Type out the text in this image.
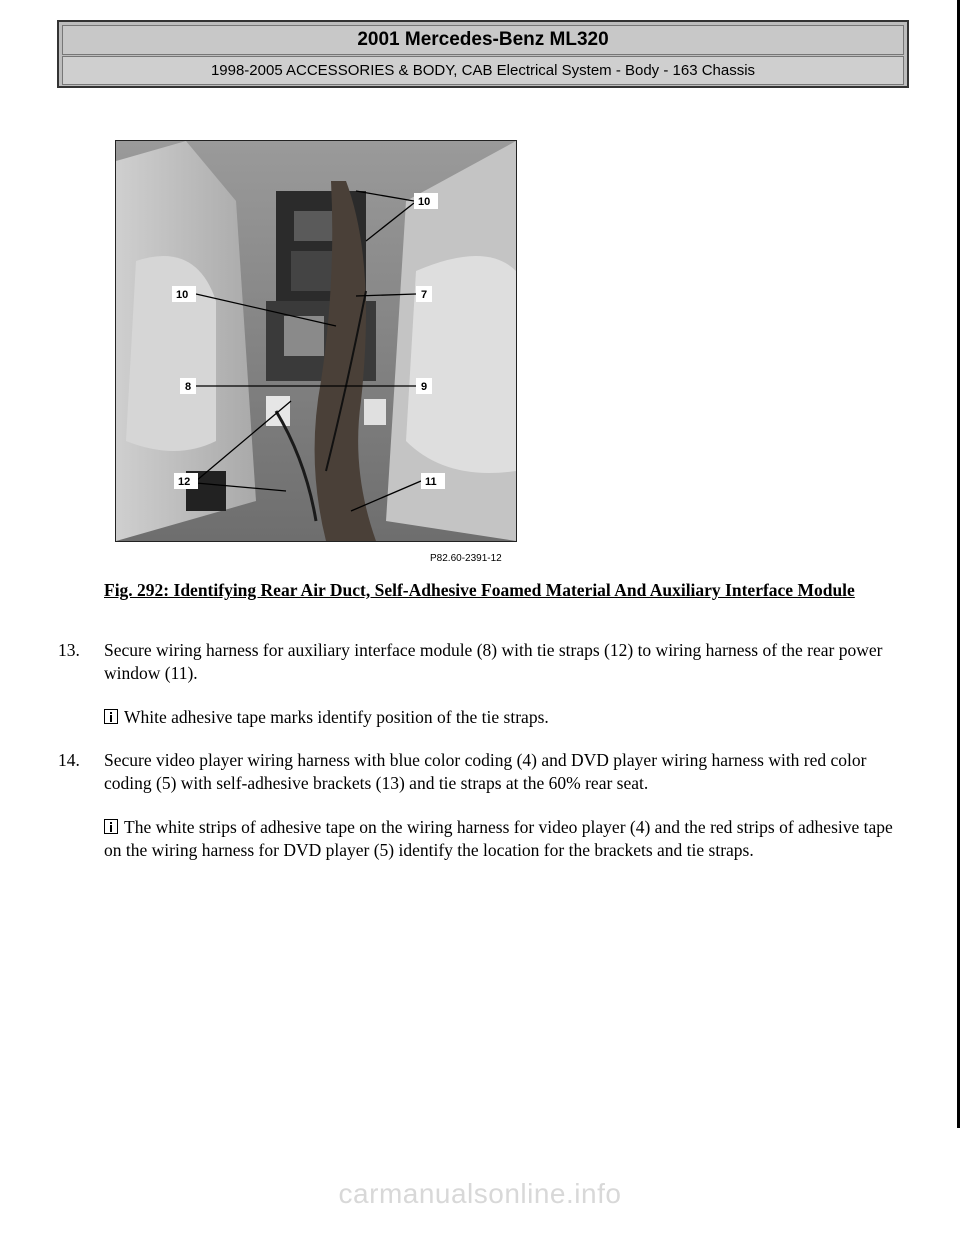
2001 Mercedes-Benz ML320
1998-2005 ACCESSORIES & BODY, CAB Electrical System - Body - 163 Chassis
10
7
10
8	9
12	11
P82.60-2391-12
Fig. 292: Identifying Rear Air Duct, Self-Adhesive Foamed Material And Auxiliary Interface Module
13. Secure wiring harness for auxiliary interface module (8) with tie straps (12) to wiring harness of the rear power window (11).
White adhesive tape marks identify position of the tie straps.
14. Secure video player wiring harness with blue color coding (4) and DVD player wiring harness with red color coding (5) with self-adhesive brackets (13) and tie straps at the 60% rear seat.
The white strips of adhesive tape on the wiring harness for video player (4) and the red strips of adhesive tape on the wiring harness for DVD player (5) identify the location for the brackets and tie straps.
carmanualsonline.info
